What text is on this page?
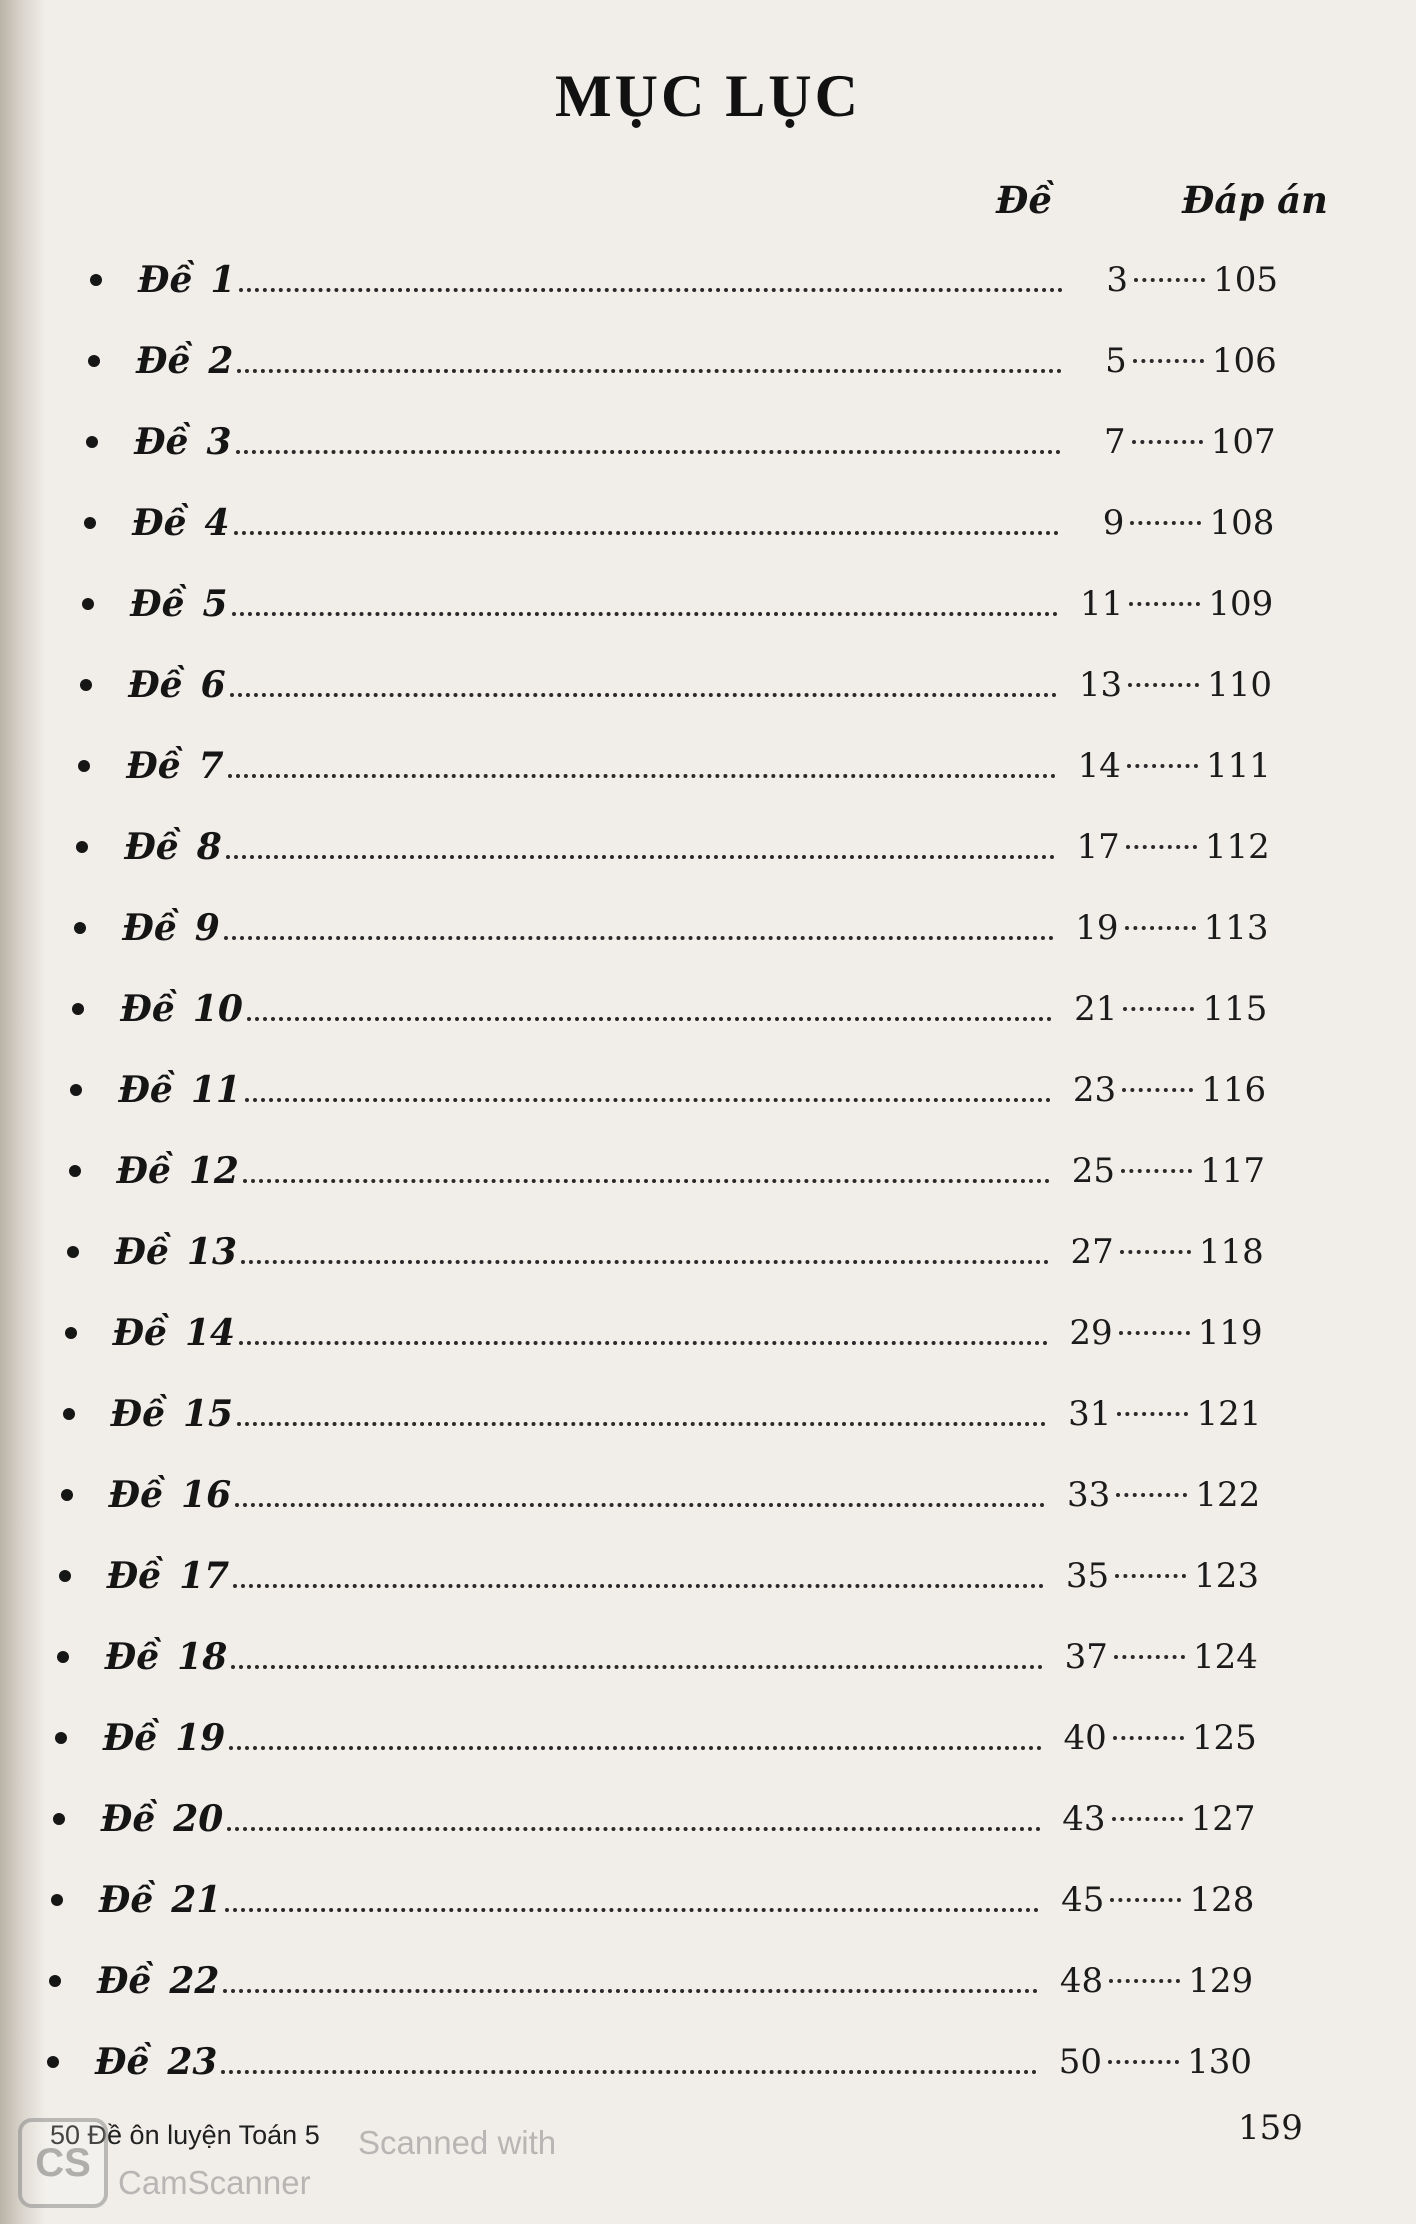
MỤC LỤC
Đề	Đáp án
Đề 1	3	105
Đề 2	5	106
Đề 3	7	107
Đề 4	9	108
Đề 5	11	109
Đề 6	13	110
Đề 7	14	111
Đề 8	17	112
Đề 9	19	113
Đề 10	21	115
Đề 11	23	116
Đề 12	25	117
Đề 13	27	118
Đề 14	29	119
Đề 15	31	121
Đề 16	33	122
Đề 17	35	123
Đề 18	37	124
Đề 19	40	125
Đề 20	43	127
Đề 21	45	128
Đề 22	48	129
Đề 23	50	130
50 Đề ôn luyện Toán 5	159
CS	Scanned with
CamScanner
